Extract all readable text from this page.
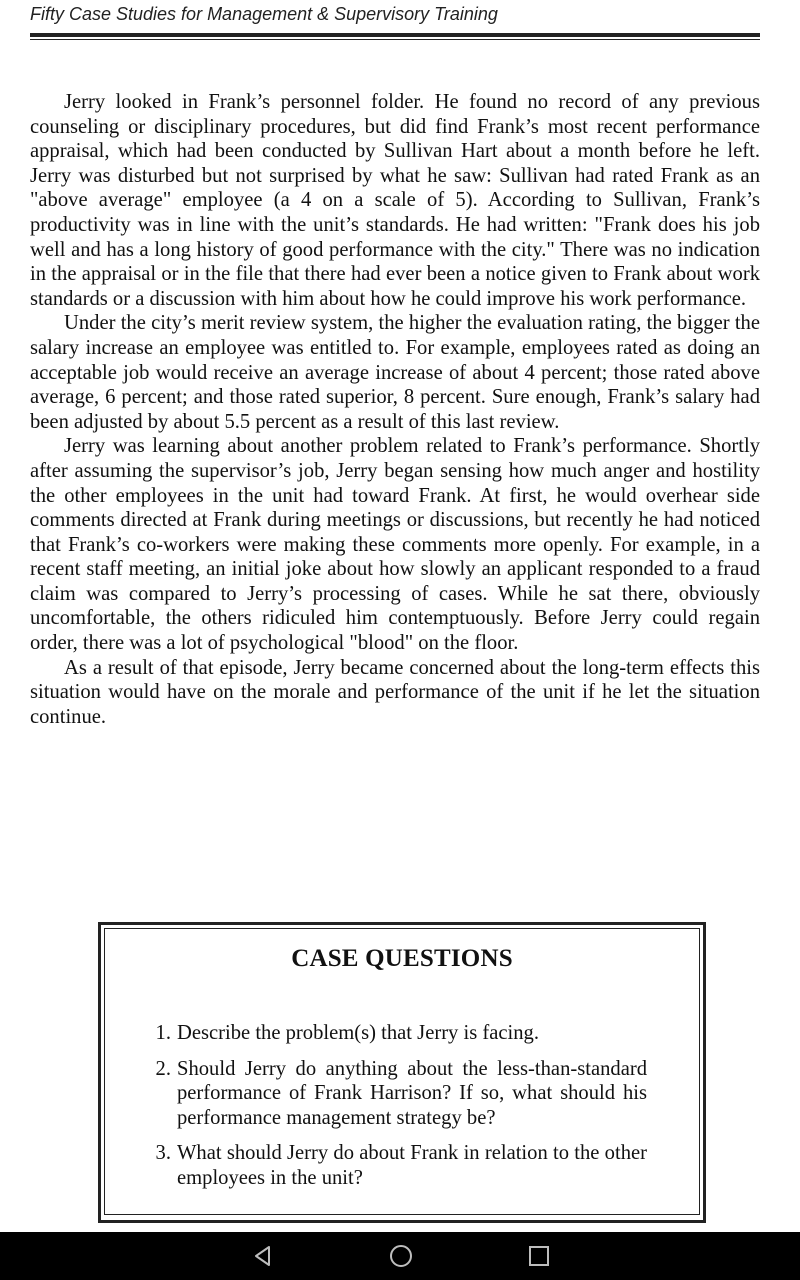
Fifty Case Studies for Management & Supervisory Training

Jerry looked in Frank’s personnel folder. He found no record of any previous counseling or disciplinary procedures, but did find Frank’s most recent performance appraisal, which had been conducted by Sullivan Hart about a month before he left. Jerry was disturbed but not surprised by what he saw: Sullivan had rated Frank as an "above average" employee (a 4 on a scale of 5). According to Sullivan, Frank’s productivity was in line with the unit’s standards. He had written: "Frank does his job well and has a long history of good performance with the city." There was no indication in the appraisal or in the file that there had ever been a notice given to Frank about work standards or a discussion with him about how he could improve his work performance.

Under the city’s merit review system, the higher the evaluation rating, the bigger the salary increase an employee was entitled to. For example, employees rated as doing an acceptable job would receive an average increase of about 4 percent; those rated above average, 6 percent; and those rated superior, 8 percent. Sure enough, Frank’s salary had been adjusted by about 5.5 percent as a result of this last review.

Jerry was learning about another problem related to Frank’s performance. Shortly after assuming the supervisor’s job, Jerry began sensing how much anger and hostility the other employees in the unit had toward Frank. At first, he would overhear side comments directed at Frank during meetings or discussions, but recently he had noticed that Frank’s co-workers were making these comments more openly. For example, in a recent staff meeting, an initial joke about how slowly an applicant responded to a fraud claim was compared to Jerry’s processing of cases. While he sat there, obviously uncomfortable, the others ridiculed him contemptuously. Before Jerry could regain order, there was a lot of psychological "blood" on the floor.

As a result of that episode, Jerry became concerned about the long-term effects this situation would have on the morale and performance of the unit if he let the situation continue.

CASE QUESTIONS
1. Describe the problem(s) that Jerry is facing.
2. Should Jerry do anything about the less-than-standard performance of Frank Harrison? If so, what should his performance management strategy be?
3. What should Jerry do about Frank in relation to the other employees in the unit?
